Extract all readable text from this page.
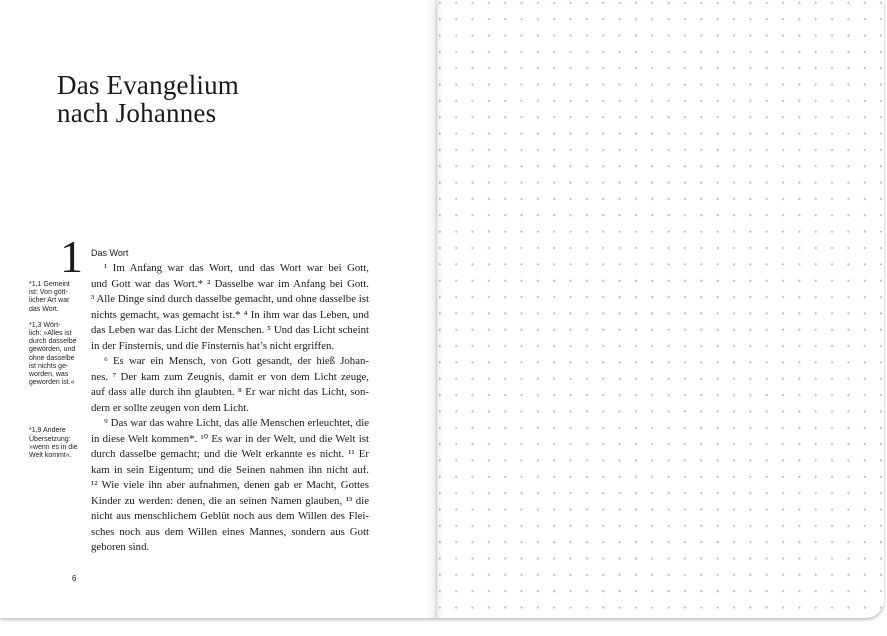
Das Evangelium
nach Johannes
1

*1,1 Gemeint
ist: Von gött-
licher Art war
das Wort.

*1,3 Wört-
lich: »Alles ist
durch dasselbe
geworden, und
ohne dasselbe
ist nichts ge-
worden, was
geworden ist.«

*1,9 Andere
Übersetzung:
»wenn es in die
Welt kommt«.

Das Wort
¹ Im Anfang war das Wort, und das Wort war bei Gott,
und Gott war das Wort.* ² Dasselbe war im Anfang bei Gott.
³ Alle Dinge sind durch dasselbe gemacht, und ohne dasselbe ist
nichts gemacht, was gemacht ist.* ⁴ In ihm war das Leben, und
das Leben war das Licht der Menschen. ⁵ Und das Licht scheint
in der Finsternis, und die Finsternis hat’s nicht ergriffen.
⁶ Es war ein Mensch, von Gott gesandt, der hieß Johan-
nes. ⁷ Der kam zum Zeugnis, damit er von dem Licht zeuge,
auf dass alle durch ihn glaubten. ⁸ Er war nicht das Licht, son-
dern er sollte zeugen von dem Licht.
⁹ Das war das wahre Licht, das alle Menschen erleuchtet, die
in diese Welt kommen*. ¹⁰ Es war in der Welt, und die Welt ist
durch dasselbe gemacht; und die Welt erkannte es nicht. ¹¹ Er
kam in sein Eigentum; und die Seinen nahmen ihn nicht auf.
¹² Wie viele ihn aber aufnahmen, denen gab er Macht, Gottes
Kinder zu werden: denen, die an seinen Namen glauben, ¹³ die
nicht aus menschlichem Geblüt noch aus dem Willen des Flei-
sches noch aus dem Willen eines Mannes, sondern aus Gott
geboren sind.
6
